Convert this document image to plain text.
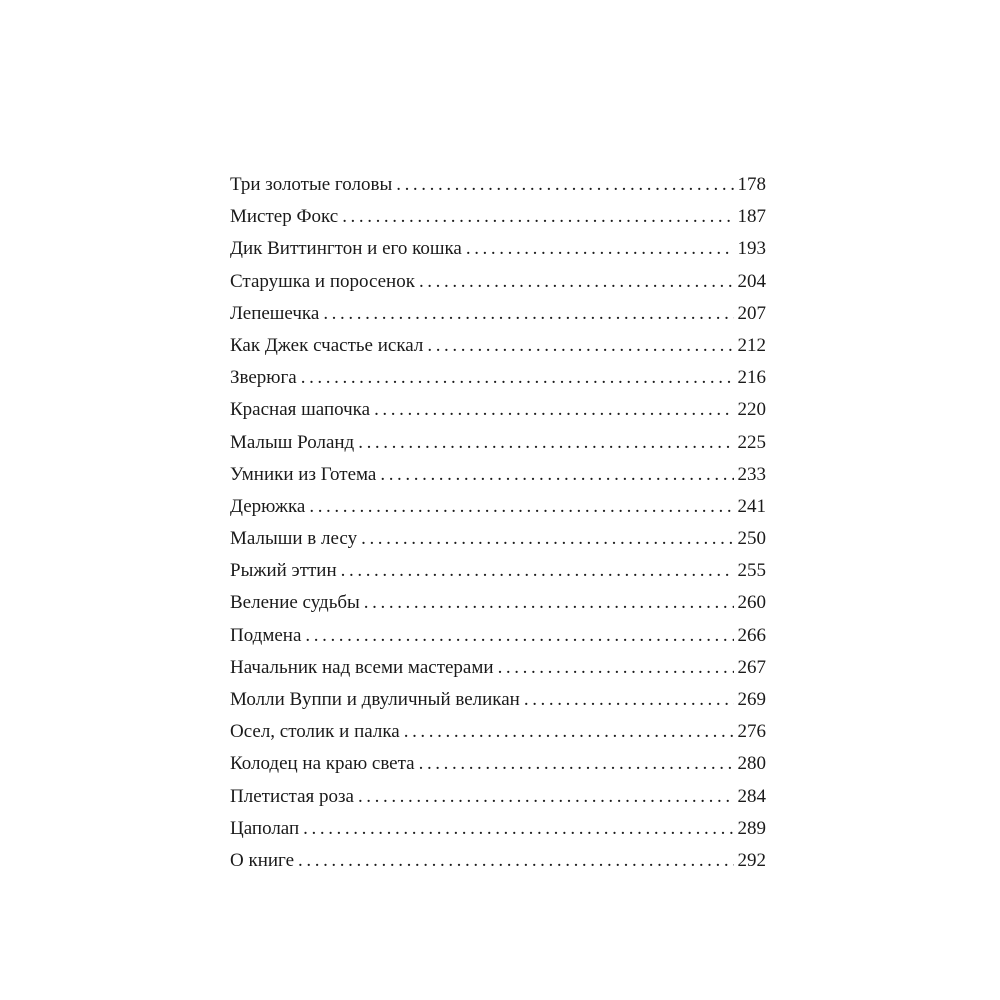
Три золотые головы .....	178
Мистер Фокс .....	187
Дик Виттингтон и его кошка .....	193
Старушка и поросенок .....	204
Лепешечка .....	207
Как Джек счастье искал .....	212
Зверюга .....	216
Красная шапочка .....	220
Малыш Роланд .....	225
Умники из Готема .....	233
Дерюжка .....	241
Малыши в лесу .....	250
Рыжий эттин .....	255
Веление судьбы .....	260
Подмена .....	266
Начальник над всеми мастерами .....	267
Молли Вуппи и двуличный великан .....	269
Осел, столик и палка .....	276
Колодец на краю света .....	280
Плетистая роза .....	284
Цаполап .....	289
О книге .....	292
